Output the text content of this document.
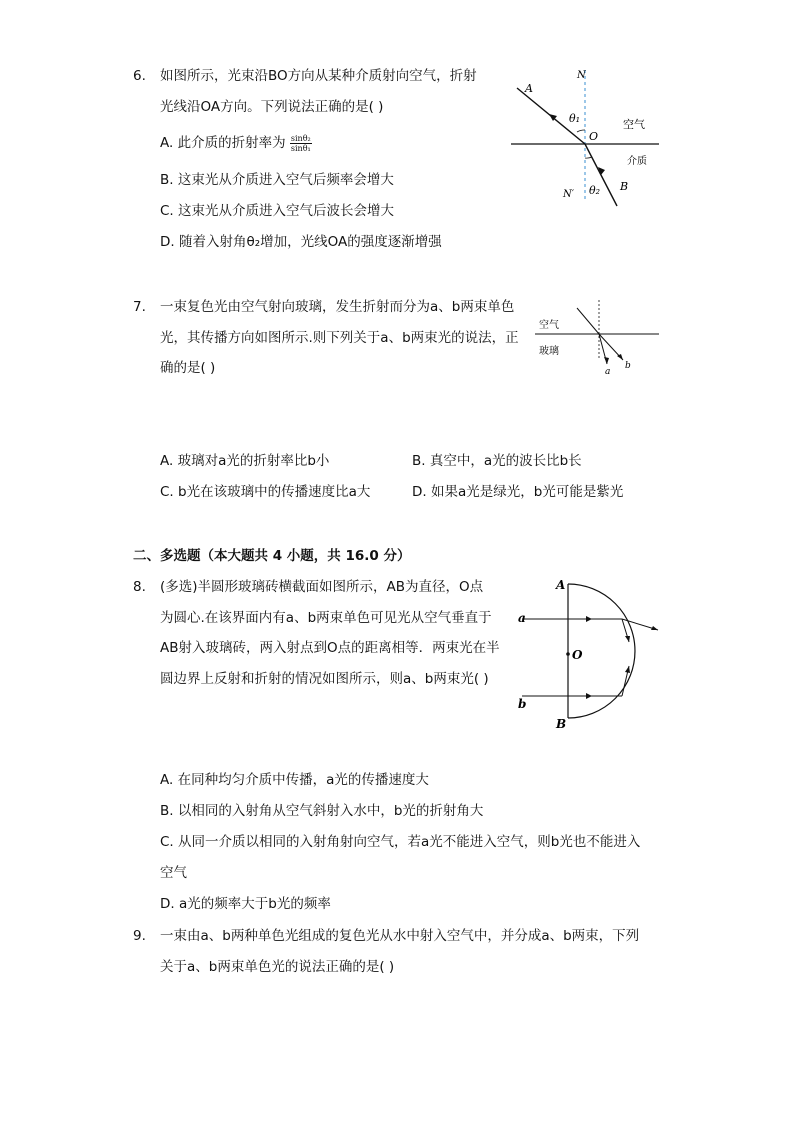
6. 如图所示，光束沿BO方向从某种介质射向空气，折射
光线沿OA方向。下列说法正确的是( )
A. 此介质的折射率为 $\frac{\text{sinθ₂}}{\text{sinθ₁}}$
B. 这束光从介质进入空气后频率会增大
C. 这束光从介质进入空气后波长会增大
D. 随着入射角θ₂增加，光线OA的强度逐渐增强
N
A
θ₁
O
空气
介质
N′ θ₂ B
7. 一束复色光由空气射向玻璃，发生折射而分为a、b两束单色
光，其传播方向如图所示.则下列关于a、b两束光的说法，正
确的是( )
空气
玻璃
a
b
A. 玻璃对a光的折射率比b小	B. 真空中，a光的波长比b长
C. b光在该玻璃中的传播速度比a大	D. 如果a光是绿光，b光可能是紫光
二、多选题（本大题共 4 小题，共 16.0 分）
8. (多选)半圆形玻璃砖横截面如图所示，AB为直径，O点
为圆心.在该界面内有a、b两束单色可见光从空气垂直于
AB射入玻璃砖，两入射点到O点的距离相等．两束光在半
圆边界上反射和折射的情况如图所示，则a、b两束光( )
A
B
O
a
b
A. 在同种均匀介质中传播，a光的传播速度大
B. 以相同的入射角从空气斜射入水中，b光的折射角大
C. 从同一介质以相同的入射角射向空气，若a光不能进入空气，则b光也不能进入
空气
D. a光的频率大于b光的频率
9. 一束由a、b两种单色光组成的复色光从水中射入空气中，并分成a、b两束，下列
关于a、b两束单色光的说法正确的是( )
